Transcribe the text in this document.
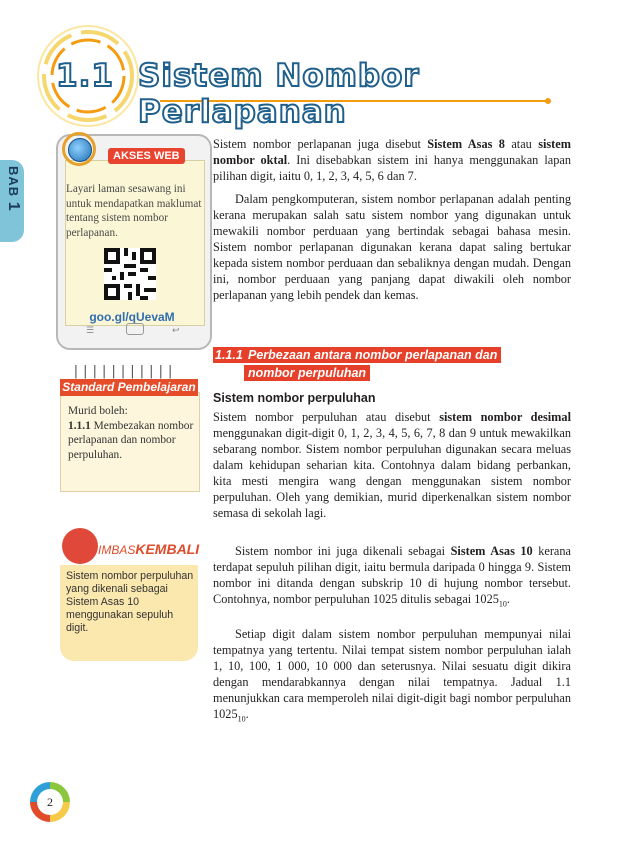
1.1 Sistem Nombor Perlapanan
BAB 1
AKSES WEB
Layari laman sesawang ini untuk mendapatkan maklumat tentang sistem nombor perlapanan.
goo.gl/qUevaM
☰	↩
|||||||||||
Standard Pembelajaran
Murid boleh:
1.1.1 Membezakan nombor perlapanan dan nombor perpuluhan.
IMBASKEMBALI
Sistem nombor perpuluhan yang dikenali sebagai Sistem Asas 10 menggunakan sepuluh digit.

Sistem nombor perlapanan juga disebut Sistem Asas 8 atau sistem nombor oktal. Ini disebabkan sistem ini hanya menggunakan lapan pilihan digit, iaitu 0, 1, 2, 3, 4, 5, 6 dan 7.

Dalam pengkomputeran, sistem nombor perlapanan adalah penting kerana merupakan salah satu sistem nombor yang digunakan untuk mewakili nombor perduaan yang bertindak sebagai bahasa mesin. Sistem nombor perlapanan digunakan kerana dapat saling bertukar kepada sistem nombor perduaan dan sebaliknya dengan mudah. Dengan ini, nombor perduaan yang panjang dapat diwakili oleh nombor perlapanan yang lebih pendek dan kemas.

1.1.1 Perbezaan antara nombor perlapanan dan
nombor perpuluhan
Sistem nombor perpuluhan

Sistem nombor perpuluhan atau disebut sistem nombor desimal menggunakan digit-digit 0, 1, 2, 3, 4, 5, 6, 7, 8 dan 9 untuk mewakilkan sebarang nombor. Sistem nombor perpuluhan digunakan secara meluas dalam kehidupan seharian kita. Contohnya dalam bidang perbankan, kita mesti mengira wang dengan menggunakan sistem nombor perpuluhan. Oleh yang demikian, murid diperkenalkan sistem nombor semasa di sekolah lagi.

Sistem nombor ini juga dikenali sebagai Sistem Asas 10 kerana terdapat sepuluh pilihan digit, iaitu bermula daripada 0 hingga 9. Sistem nombor ini ditanda dengan subskrip 10 di hujung nombor tersebut. Contohnya, nombor perpuluhan 1025 ditulis sebagai $1025_{10}$.

Setiap digit dalam sistem nombor perpuluhan mempunyai nilai tempatnya yang tertentu. Nilai tempat sistem nombor perpuluhan ialah 1, 10, 100, 1 000, 10 000 dan seterusnya. Nilai sesuatu digit dikira dengan mendarabkannya dengan nilai tempatnya. Jadual 1.1 menunjukkan cara memperoleh nilai digit-digit bagi nombor perpuluhan $1025_{10}$.

2
